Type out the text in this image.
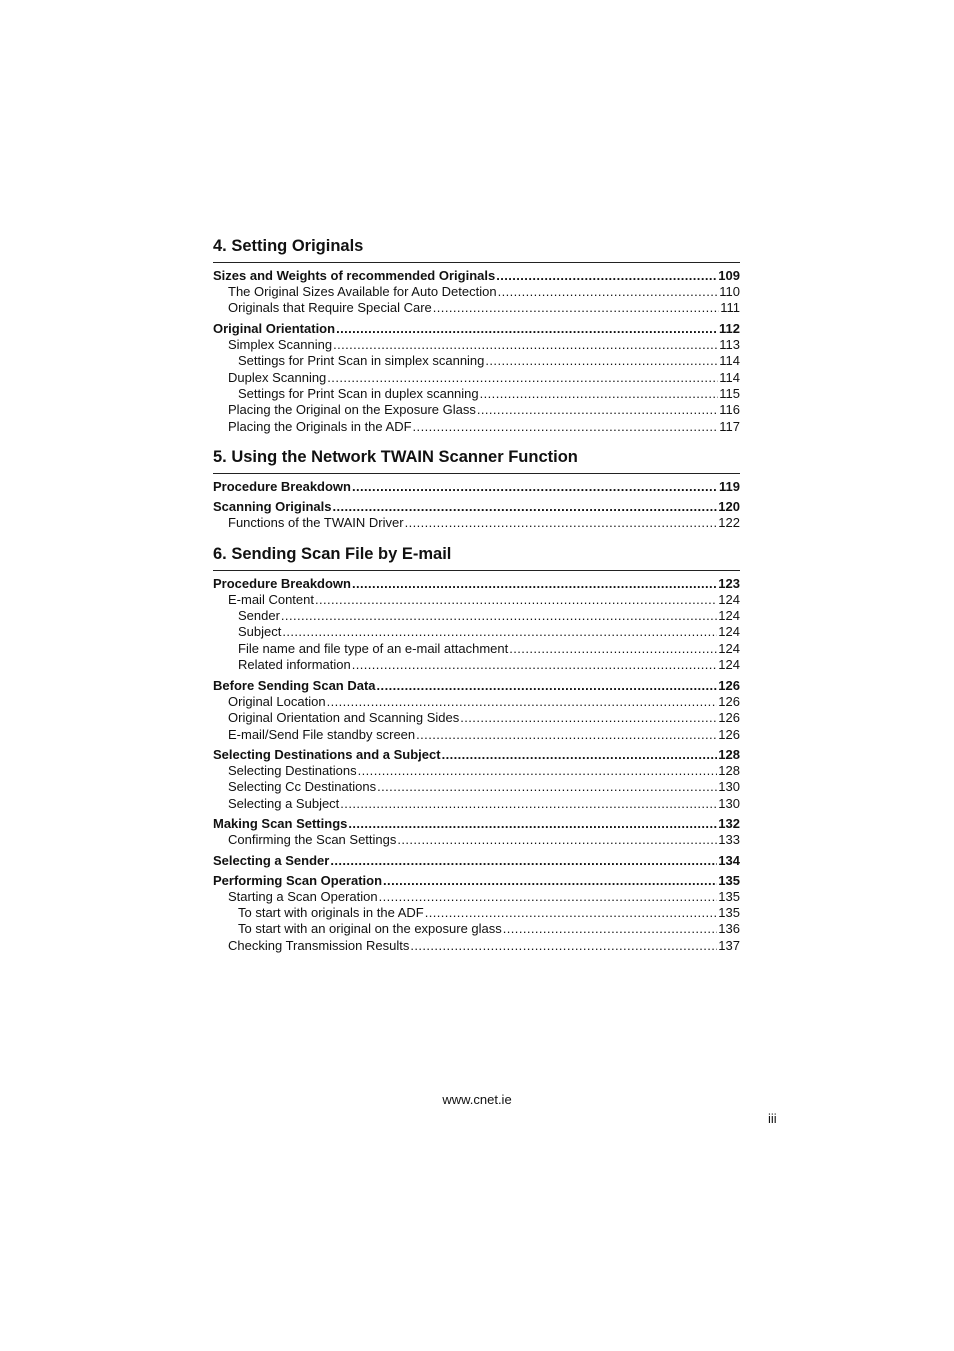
4. Setting Originals
Sizes and Weights of recommended Originals .....	109
The Original Sizes Available for Auto Detection .....	110
Originals that Require Special Care .....	111
Original Orientation .....	112
Simplex Scanning .....	113
Settings for Print Scan in simplex scanning .....	114
Duplex Scanning .....	114
Settings for Print Scan in duplex scanning .....	115
Placing the Original on the Exposure Glass .....	116
Placing the Originals in the ADF .....	117
5. Using the Network TWAIN Scanner Function
Procedure Breakdown .....	119
Scanning Originals .....	120
Functions of the TWAIN Driver .....	122
6. Sending Scan File by E-mail
Procedure Breakdown .....	123
E-mail Content .....	124
Sender .....	124
Subject .....	124
File name and file type of an e-mail attachment .....	124
Related information .....	124
Before Sending Scan Data .....	126
Original Location .....	126
Original Orientation and Scanning Sides .....	126
E-mail/Send File standby screen .....	126
Selecting Destinations and a Subject .....	128
Selecting Destinations .....	128
Selecting Cc Destinations .....	130
Selecting a Subject .....	130
Making Scan Settings .....	132
Confirming the Scan Settings .....	133
Selecting a Sender .....	134
Performing Scan Operation .....	135
Starting a Scan Operation .....	135
To start with originals in the ADF .....	135
To start with an original on the exposure glass .....	136
Checking Transmission Results .....	137
www.cnet.ie
iii
